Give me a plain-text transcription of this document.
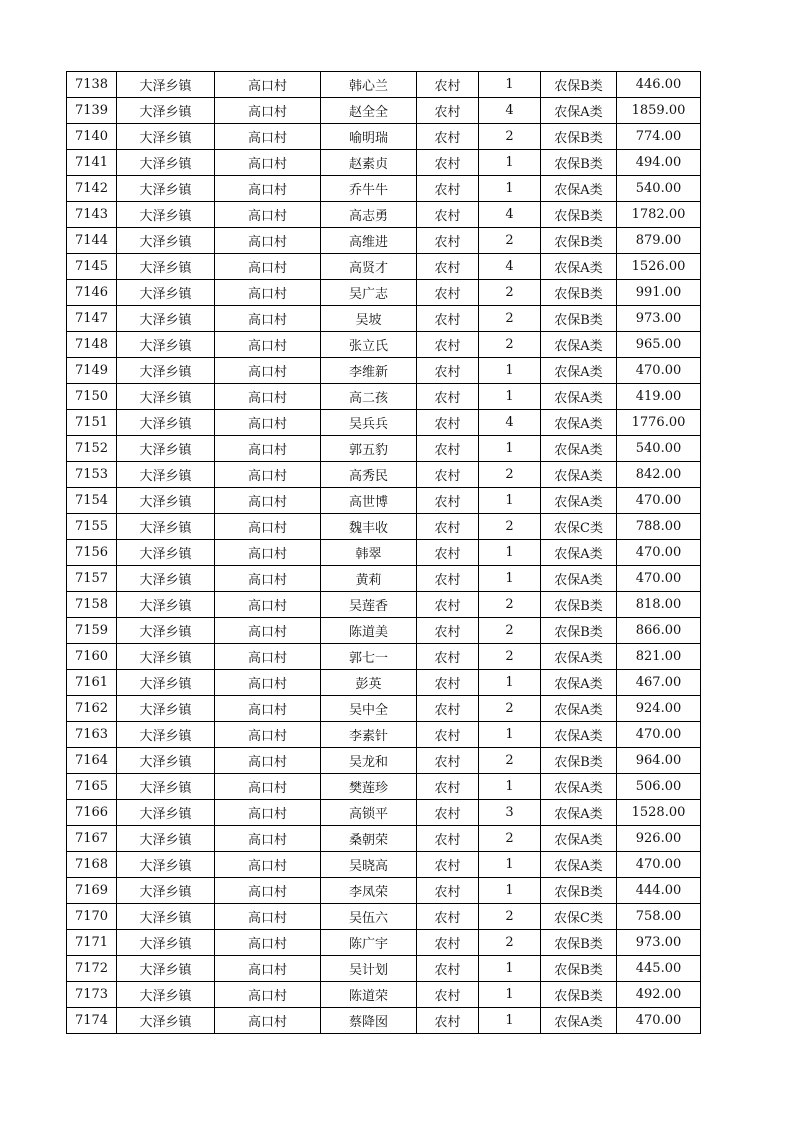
7138	大泽乡镇	高口村	韩心兰	农村	1	农保B类	446.00
7139	大泽乡镇	高口村	赵全全	农村	4	农保A类	1859.00
7140	大泽乡镇	高口村	喻明瑞	农村	2	农保B类	774.00
7141	大泽乡镇	高口村	赵素贞	农村	1	农保B类	494.00
7142	大泽乡镇	高口村	乔牛牛	农村	1	农保A类	540.00
7143	大泽乡镇	高口村	高志勇	农村	4	农保B类	1782.00
7144	大泽乡镇	高口村	高维进	农村	2	农保B类	879.00
7145	大泽乡镇	高口村	高贤才	农村	4	农保A类	1526.00
7146	大泽乡镇	高口村	吴广志	农村	2	农保B类	991.00
7147	大泽乡镇	高口村	吴坡	农村	2	农保B类	973.00
7148	大泽乡镇	高口村	张立氏	农村	2	农保A类	965.00
7149	大泽乡镇	高口村	李维新	农村	1	农保A类	470.00
7150	大泽乡镇	高口村	高二孩	农村	1	农保A类	419.00
7151	大泽乡镇	高口村	吴兵兵	农村	4	农保A类	1776.00
7152	大泽乡镇	高口村	郭五豹	农村	1	农保A类	540.00
7153	大泽乡镇	高口村	高秀民	农村	2	农保A类	842.00
7154	大泽乡镇	高口村	高世博	农村	1	农保A类	470.00
7155	大泽乡镇	高口村	魏丰收	农村	2	农保C类	788.00
7156	大泽乡镇	高口村	韩翠	农村	1	农保A类	470.00
7157	大泽乡镇	高口村	黄莉	农村	1	农保A类	470.00
7158	大泽乡镇	高口村	吴莲香	农村	2	农保B类	818.00
7159	大泽乡镇	高口村	陈道美	农村	2	农保B类	866.00
7160	大泽乡镇	高口村	郭七一	农村	2	农保A类	821.00
7161	大泽乡镇	高口村	彭英	农村	1	农保A类	467.00
7162	大泽乡镇	高口村	吴中全	农村	2	农保A类	924.00
7163	大泽乡镇	高口村	李素针	农村	1	农保A类	470.00
7164	大泽乡镇	高口村	吴龙和	农村	2	农保B类	964.00
7165	大泽乡镇	高口村	樊莲珍	农村	1	农保A类	506.00
7166	大泽乡镇	高口村	高锁平	农村	3	农保A类	1528.00
7167	大泽乡镇	高口村	桑朝荣	农村	2	农保A类	926.00
7168	大泽乡镇	高口村	吴晓高	农村	1	农保A类	470.00
7169	大泽乡镇	高口村	李凤荣	农村	1	农保B类	444.00
7170	大泽乡镇	高口村	吴伍六	农村	2	农保C类	758.00
7171	大泽乡镇	高口村	陈广宇	农村	2	农保B类	973.00
7172	大泽乡镇	高口村	吴计划	农村	1	农保B类	445.00
7173	大泽乡镇	高口村	陈道荣	农村	1	农保B类	492.00
7174	大泽乡镇	高口村	蔡降囡	农村	1	农保A类	470.00
